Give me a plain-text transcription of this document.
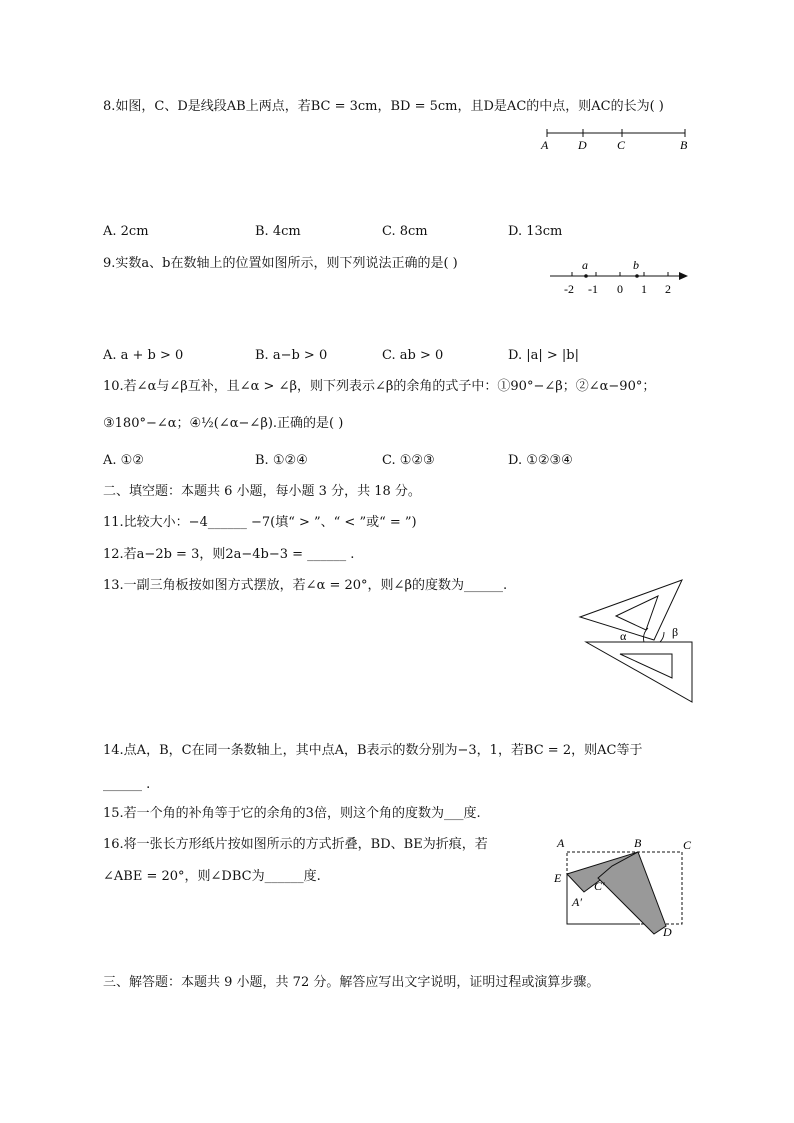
8.如图，C、D是线段AB上两点，若BC = 3cm，BD = 5cm，且D是AC的中点，则AC的长为( )
A D	C	B
A. 2cm	B. 4cm	C. 8cm	D. 13cm
9.实数a、b在数轴上的位置如图所示，则下列说法正确的是( )	a	b
-2 -1 0 1 2
A. a + b > 0	B. a−b > 0	C. ab > 0	D. |a| > |b|
10.若∠α与∠β互补，且∠α > ∠β，则下列表示∠β的余角的式子中：①90°−∠β；②∠α−90°；
③180°−∠α；④½(∠α−∠β).正确的是( )
A. ①②	B. ①②④	C. ①②③	D. ①②③④
二、填空题：本题共 6 小题，每小题 3 分，共 18 分。
11.比较大小：−4______ −7(填“ > ”、“ < ”或“ = ”)
12.若a−2b = 3，则2a−4b−3 = ______ .
13.一副三角板按如图方式摆放，若∠α = 20°，则∠β的度数为______.
α	β
14.点A，B，C在同一条数轴上，其中点A，B表示的数分别为−3，1，若BC = 2，则AC等于
______ .
15.若一个角的补角等于它的余角的3倍，则这个角的度数为___度.
16.将一张长方形纸片按如图所示的方式折叠，BD、BE为折痕，若
∠ABE = 20°，则∠DBC为______度.
A	B	C
E
C′
A′
D
三、解答题：本题共 9 小题，共 72 分。解答应写出文字说明，证明过程或演算步骤。
